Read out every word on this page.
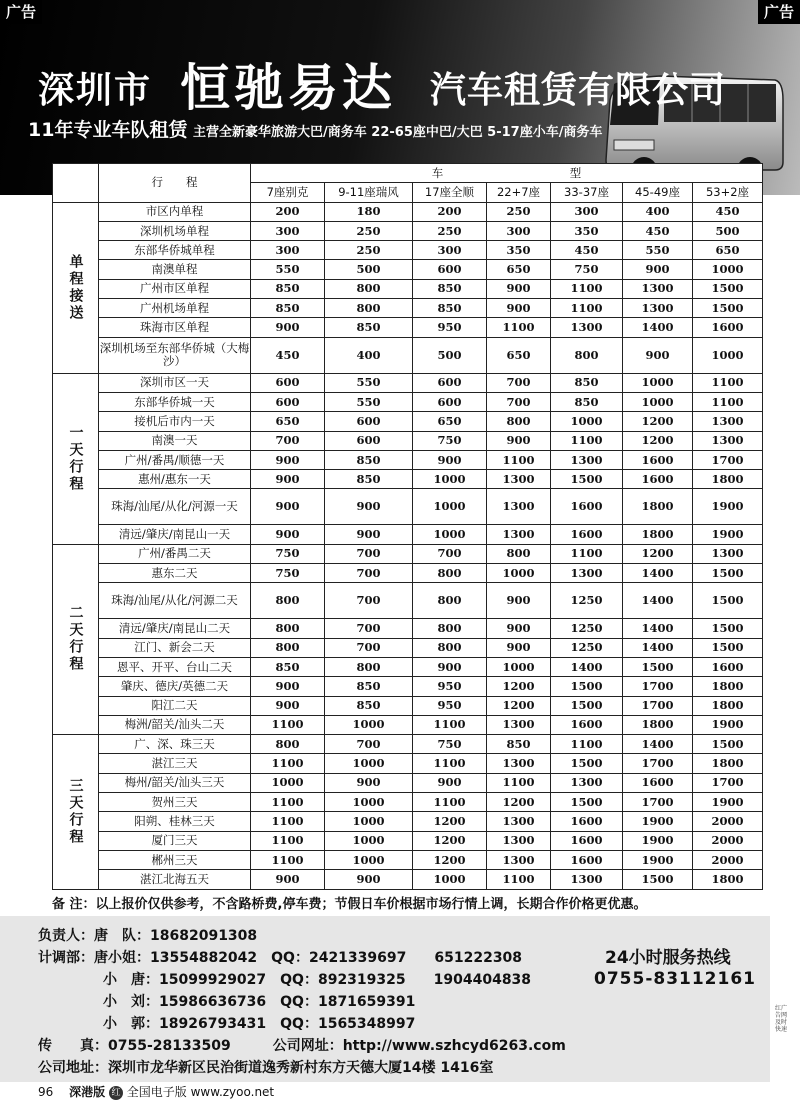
广告	广告
深圳市 恒驰易达 汽车租赁有限公司
11年专业车队租赁 主营全新豪华旅游大巴/商务车 22-65座中巴/大巴 5-17座小车/商务车
	行　　程	车　　　　　　　　　　　型						
		7座别克	9-11座瑞风	17座全顺	22+7座	33-37座	45-49座	53+2座
单程接送	市区内单程	200	180	200	250	300	400	450
	深圳机场单程	300	250	250	300	350	450	500
	东部华侨城单程	300	250	300	350	450	550	650
	南澳单程	550	500	600	650	750	900	1000
	广州市区单程	850	800	850	900	1100	1300	1500
	广州机场单程	850	800	850	900	1100	1300	1500
	珠海市区单程	900	850	950	1100	1300	1400	1600
	深圳机场至东部华侨城（大梅沙）	450	400	500	650	800	900	1000
一天行程	深圳市区一天	600	550	600	700	850	1000	1100
	东部华侨城一天	600	550	600	700	850	1000	1100
	接机后市内一天	650	600	650	800	1000	1200	1300
	南澳一天	700	600	750	900	1100	1200	1300
	广州/番禺/顺德一天	900	850	900	1100	1300	1600	1700
	惠州/惠东一天	900	850	1000	1300	1500	1600	1800
	珠海/汕尾/从化/河源一天	900	900	1000	1300	1600	1800	1900
	清远/肇庆/南昆山一天	900	900	1000	1300	1600	1800	1900
二天行程	广州/番禺二天	750	700	700	800	1100	1200	1300
	惠东二天	750	700	800	1000	1300	1400	1500
	珠海/汕尾/从化/河源二天	800	700	800	900	1250	1400	1500
	清远/肇庆/南昆山二天	800	700	800	900	1250	1400	1500
	江门、新会二天	800	700	800	900	1250	1400	1500
	恩平、开平、台山二天	850	800	900	1000	1400	1500	1600
	肇庆、德庆/英德二天	900	850	950	1200	1500	1700	1800
	阳江二天	900	850	950	1200	1500	1700	1800
	梅洲/韶关/汕头二天	1100	1000	1100	1300	1600	1800	1900
三天行程	广、深、珠三天	800	700	750	850	1100	1400	1500
	湛江三天	1100	1000	1100	1300	1500	1700	1800
	梅州/韶关/汕头三天	1000	900	900	1100	1300	1600	1700
	贺州三天	1100	1000	1100	1200	1500	1700	1900
	阳朔、桂林三天	1100	1000	1200	1300	1600	1900	2000
	厦门三天	1100	1000	1200	1300	1600	1900	2000
	郴州三天	1100	1000	1200	1300	1600	1900	2000
	湛江北海五天	900	900	1000	1100	1300	1500	1800
备 注：以上报价仅供参考，不含路桥费,停车费；节假日车价根据市场行情上调，长期合作价格更优惠。
负责人：唐　队：18682091308
计调部：唐小姐：13554882042　QQ：2421339697　　651222308
小　唐：15099929027　QQ：892319325　　1904404838
小　刘：15986636736　QQ：1871659391
小　郭：18926793431　QQ：1565348997
传　　真：0755-28133509　　　公司网址：http://www.szhcyd6263.com
公司地址：深圳市龙华新区民治街道逸秀新村东方天德大厦14楼 1416室
24小时服务热线
0755-83112161
红广告网及时快速
96 深港版 红 全国电子版 www.zyoo.net
